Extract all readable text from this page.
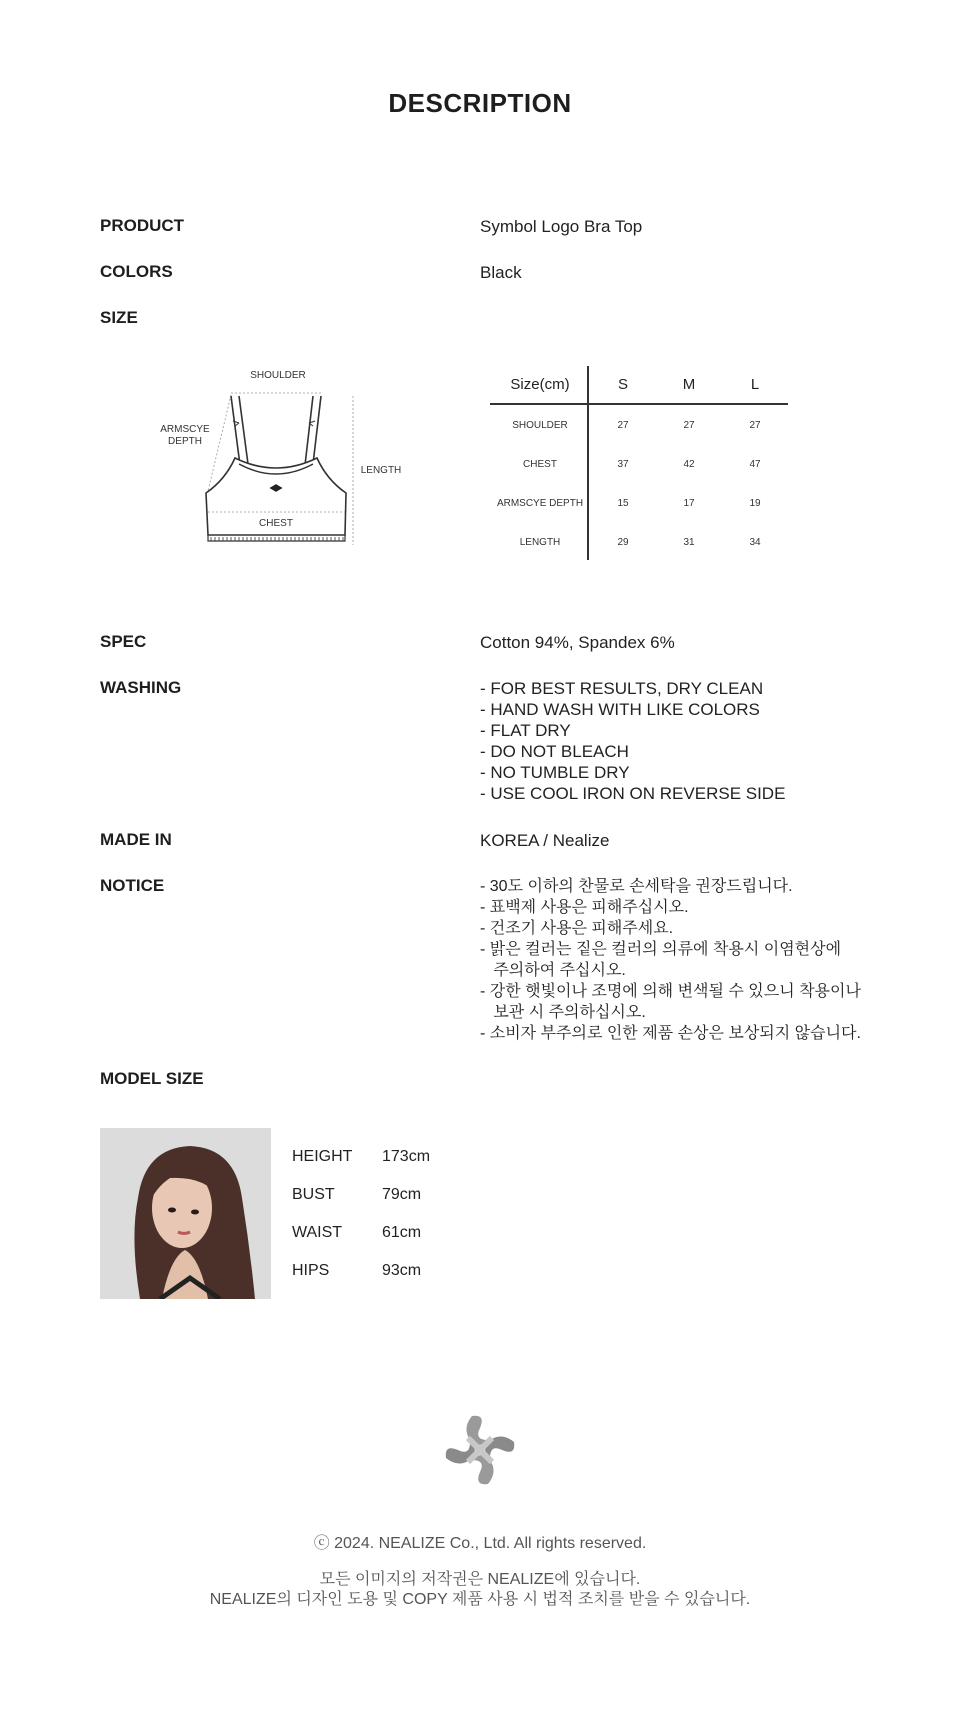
DESCRIPTION
PRODUCT	Symbol Logo Bra Top
COLORS	Black
SIZE
SHOULDER
ARMSCYE
DEPTH
LENGTH
CHEST
Size(cm)	S	M	L
SHOULDER	27	27	27
CHEST	37	42	47
ARMSCYE DEPTH	15	17	19
LENGTH	29	31	34
SPEC	Cotton 94%, Spandex 6%
WASHING	- FOR BEST RESULTS, DRY CLEAN
- HAND WASH WITH LIKE COLORS
- FLAT DRY
- DO NOT BLEACH
- NO TUMBLE DRY
- USE COOL IRON ON REVERSE SIDE
MADE IN	KOREA / Nealize
NOTICE	- 30도 이하의 찬물로 손세탁을 권장드립니다.
- 표백제 사용은 피해주십시오.
- 건조기 사용은 피해주세요.
- 밝은 컬러는 짙은 컬러의 의류에 착용시 이염현상에
주의하여 주십시오.
- 강한 햇빛이나 조명에 의해 변색될 수 있으니 착용이나
보관 시 주의하십시오.
- 소비자 부주의로 인한 제품 손상은 보상되지 않습니다.
MODEL SIZE
HEIGHT	173cm
BUST	79cm
WAIST	61cm
HIPS	93cm
ⓒ 2024. NEALIZE Co., Ltd. All rights reserved.
모든 이미지의 저작권은 NEALIZE에 있습니다.
NEALIZE의 디자인 도용 및 COPY 제품 사용 시 법적 조치를 받을 수 있습니다.
